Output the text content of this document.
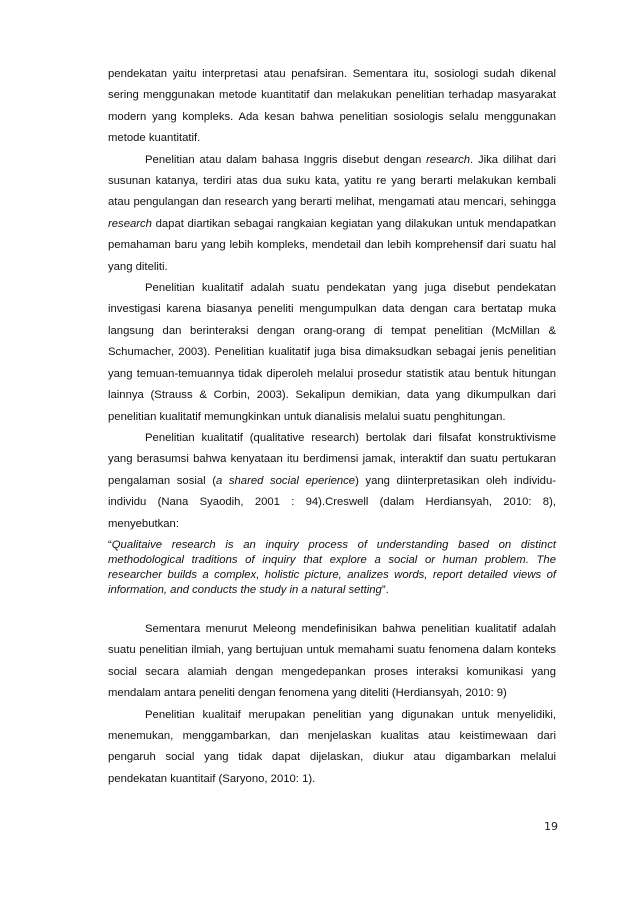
pendekatan yaitu interpretasi atau penafsiran. Sementara itu, sosiologi sudah dikenal sering menggunakan metode kuantitatif dan melakukan penelitian terhadap masyarakat modern yang kompleks. Ada kesan bahwa penelitian sosiologis selalu menggunakan metode kuantitatif.

Penelitian atau dalam bahasa Inggris disebut dengan research. Jika dilihat dari susunan katanya, terdiri atas dua suku kata, yatitu re yang berarti melakukan kembali atau pengulangan dan research yang berarti melihat, mengamati atau mencari, sehingga research dapat diartikan sebagai rangkaian kegiatan yang dilakukan untuk mendapatkan pemahaman baru yang lebih kompleks, mendetail dan lebih komprehensif dari suatu hal yang diteliti.

Penelitian kualitatif adalah suatu pendekatan yang juga disebut pendekatan investigasi karena biasanya peneliti mengumpulkan data dengan cara bertatap muka langsung dan berinteraksi dengan orang-orang di tempat penelitian (McMillan & Schumacher, 2003). Penelitian kualitatif juga bisa dimaksudkan sebagai jenis penelitian yang temuan-temuannya tidak diperoleh melalui prosedur statistik atau bentuk hitungan lainnya (Strauss & Corbin, 2003). Sekalipun demikian, data yang dikumpulkan dari penelitian kualitatif memungkinkan untuk dianalisis melalui suatu penghitungan.

Penelitian kualitatif (qualitative research) bertolak dari filsafat konstruktivisme yang berasumsi bahwa kenyataan itu berdimensi jamak, interaktif dan suatu pertukaran pengalaman sosial (a shared social eperience) yang diinterpretasikan oleh individu-individu (Nana Syaodih, 2001 : 94).Creswell (dalam Herdiansyah, 2010: 8), menyebutkan:

“Qualitaive research is an inquiry process of understanding based on distinct methodological traditions of inquiry that explore a social or human problem. The researcher builds a complex, holistic picture, analizes words, report detailed views of information, and conducts the study in a natural setting”.

Sementara menurut Meleong mendefinisikan bahwa penelitian kualitatif adalah suatu penelitian ilmiah, yang bertujuan untuk memahami suatu fenomena dalam konteks social secara alamiah dengan mengedepankan proses interaksi komunikasi yang mendalam antara peneliti dengan fenomena yang diteliti (Herdiansyah, 2010: 9)

Penelitian kualitaif merupakan penelitian yang digunakan untuk menyelidiki, menemukan, menggambarkan, dan menjelaskan kualitas atau keistimewaan dari pengaruh social yang tidak dapat dijelaskan, diukur atau digambarkan melalui pendekatan kuantitaif (Saryono, 2010: 1).

19
